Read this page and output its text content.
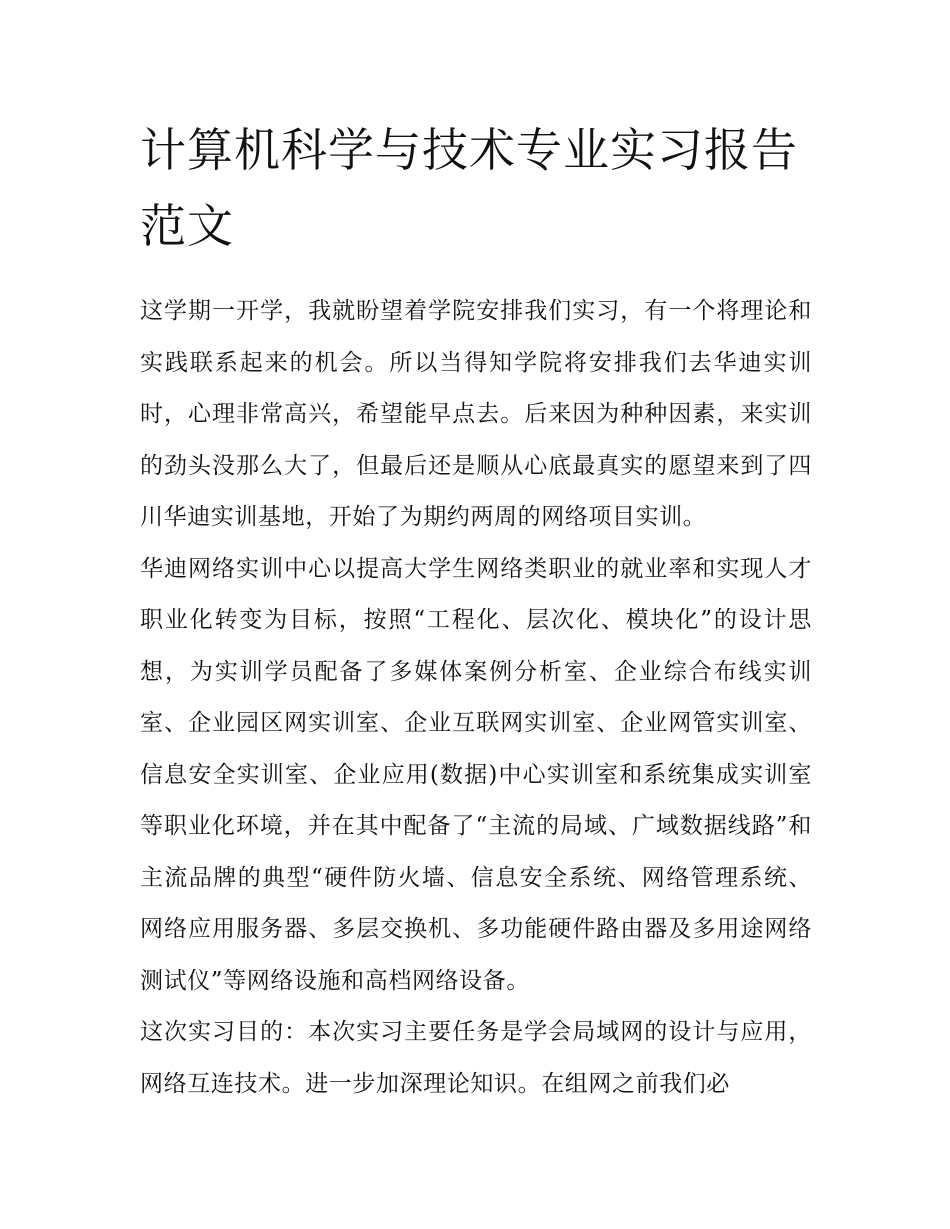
计算机科学与技术专业实习报告范文

这学期一开学，我就盼望着学院安排我们实习，有一个将理论和实践联系起来的机会。所以当得知学院将安排我们去华迪实训时，心理非常高兴，希望能早点去。后来因为种种因素，来实训的劲头没那么大了，但最后还是顺从心底最真实的愿望来到了四川华迪实训基地，开始了为期约两周的网络项目实训。

华迪网络实训中心以提高大学生网络类职业的就业率和实现人才职业化转变为目标，按照“工程化、层次化、模块化”的设计思想，为实训学员配备了多媒体案例分析室、企业综合布线实训室、企业园区网实训室、企业互联网实训室、企业网管实训室、信息安全实训室、企业应用(数据)中心实训室和系统集成实训室等职业化环境，并在其中配备了“主流的局域、广域数据线路”和主流品牌的典型“硬件防火墙、信息安全系统、网络管理系统、网络应用服务器、多层交换机、多功能硬件路由器及多用途网络测试仪”等网络设施和高档网络设备。

这次实习目的：本次实习主要任务是学会局域网的设计与应用，网络互连技术。进一步加深理论知识。在组网之前我们必
